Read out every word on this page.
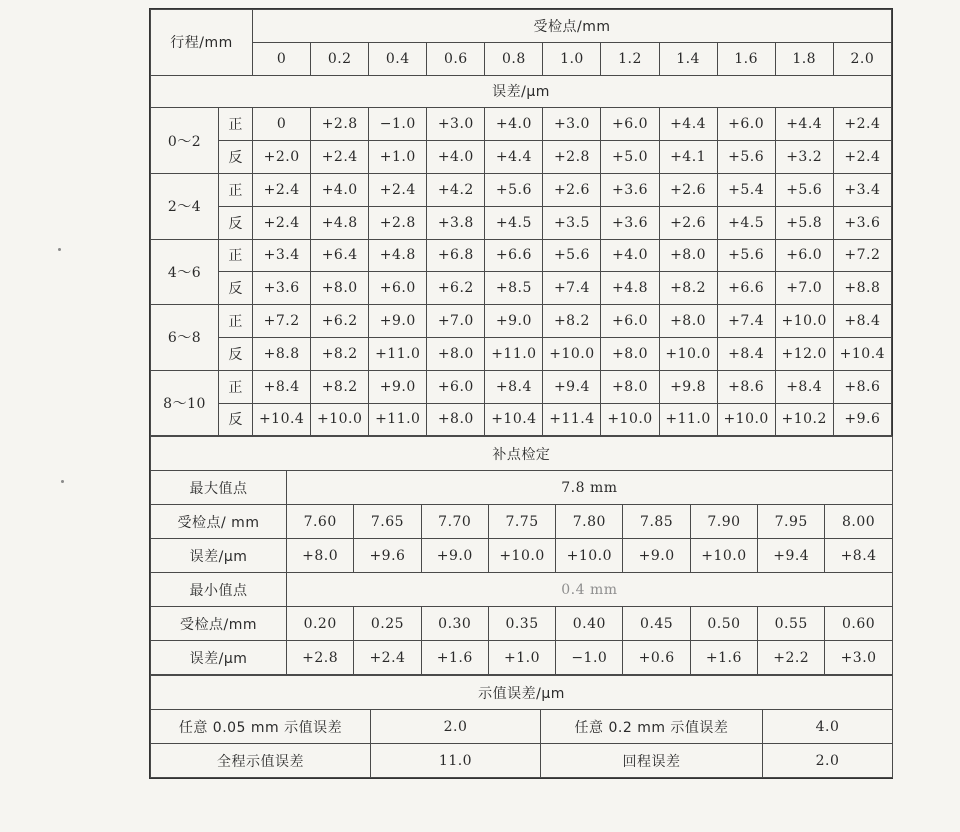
行程/mm		受检点/mm										
		0	0.2	0.4	0.6	0.8	1.0	1.2	1.4	1.6	1.8	2.0
误差/μm												
0～2	正	0	+2.8	−1.0	+3.0	+4.0	+3.0	+6.0	+4.4	+6.0	+4.4	+2.4
	反	+2.0	+2.4	+1.0	+4.0	+4.4	+2.8	+5.0	+4.1	+5.6	+3.2	+2.4
2～4	正	+2.4	+4.0	+2.4	+4.2	+5.6	+2.6	+3.6	+2.6	+5.4	+5.6	+3.4
	反	+2.4	+4.8	+2.8	+3.8	+4.5	+3.5	+3.6	+2.6	+4.5	+5.8	+3.6
4～6	正	+3.4	+6.4	+4.8	+6.8	+6.6	+5.6	+4.0	+8.0	+5.6	+6.0	+7.2
	反	+3.6	+8.0	+6.0	+6.2	+8.5	+7.4	+4.8	+8.2	+6.6	+7.0	+8.8
6～8	正	+7.2	+6.2	+9.0	+7.0	+9.0	+8.2	+6.0	+8.0	+7.4	+10.0	+8.4
	反	+8.8	+8.2	+11.0	+8.0	+11.0	+10.0	+8.0	+10.0	+8.4	+12.0	+10.4
8～10	正	+8.4	+8.2	+9.0	+6.0	+8.4	+9.4	+8.0	+9.8	+8.6	+8.4	+8.6
	反	+10.4	+10.0	+11.0	+8.0	+10.4	+11.4	+10.0	+11.0	+10.0	+10.2	+9.6
补点检定									
最大值点	7.8 mm								
受检点/ mm	7.60	7.65	7.70	7.75	7.80	7.85	7.90	7.95	8.00
误差/μm	+8.0	+9.6	+9.0	+10.0	+10.0	+9.0	+10.0	+9.4	+8.4
最小值点	0.4 mm								
受检点/mm	0.20	0.25	0.30	0.35	0.40	0.45	0.50	0.55	0.60
误差/μm	+2.8	+2.4	+1.6	+1.0	−1.0	+0.6	+1.6	+2.2	+3.0
示值误差/μm			
任意 0.05 mm 示值误差	2.0	任意 0.2 mm 示值误差	4.0
全程示值误差	11.0	回程误差	2.0
